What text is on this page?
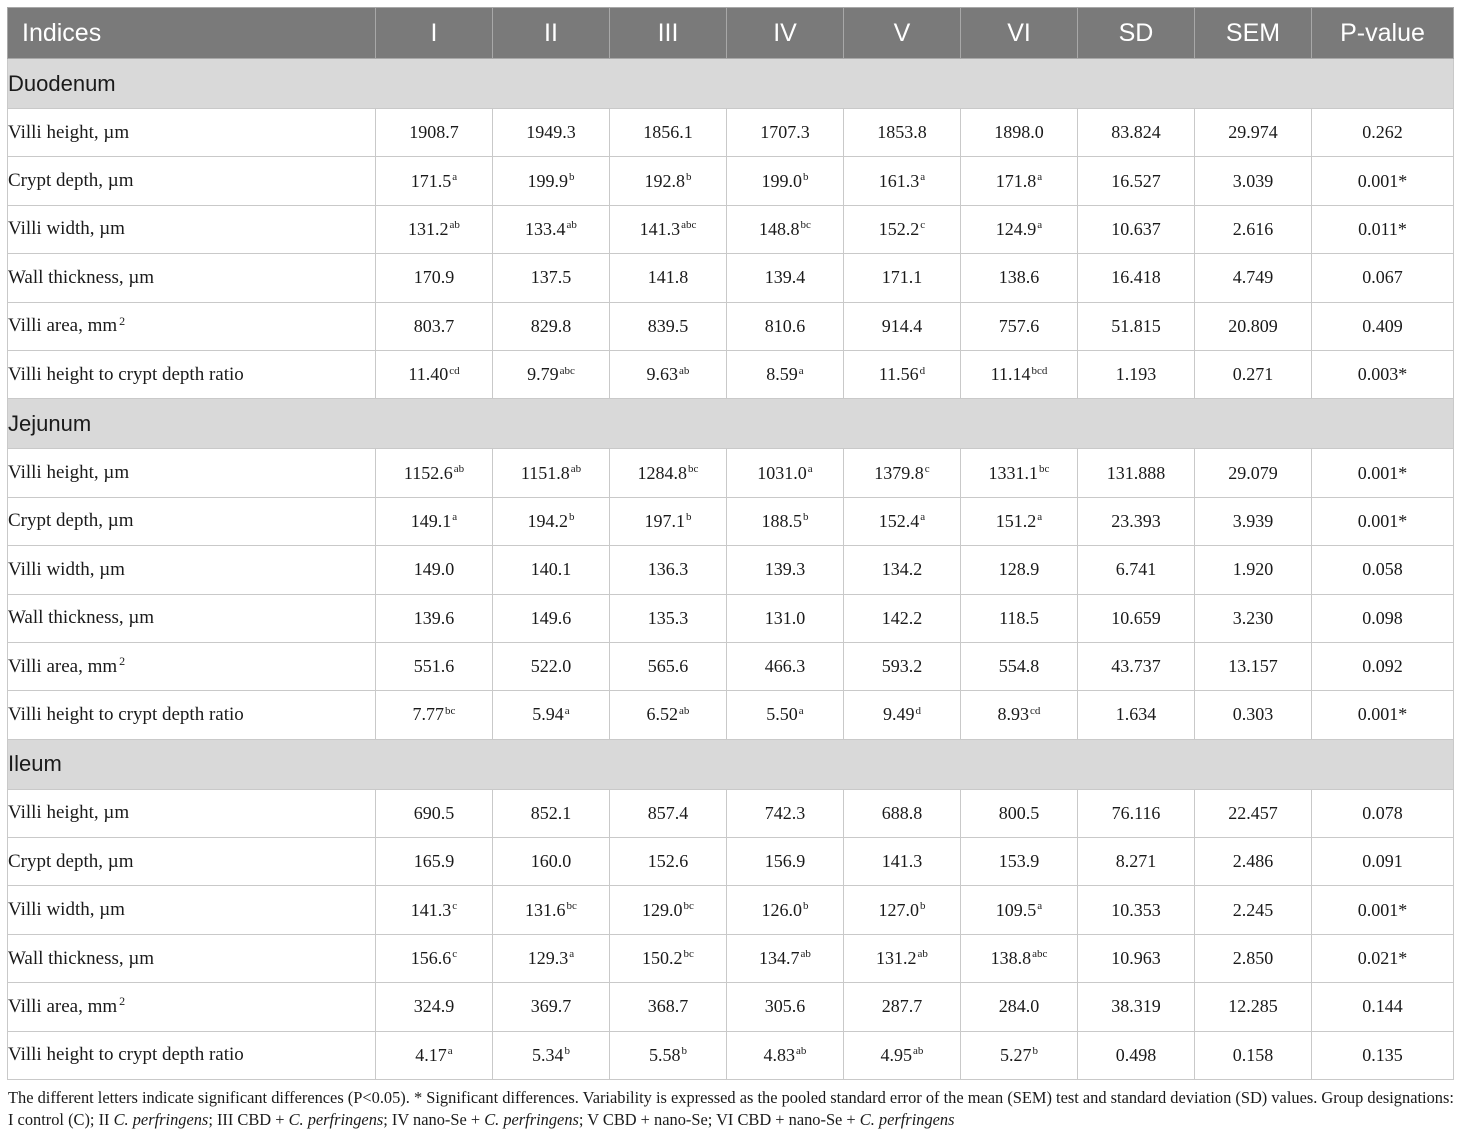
Indices	I	II	III	IV	V	VI	SD	SEM	P-value
Duodenum									
Villi height, µm	1908.7	1949.3	1856.1	1707.3	1853.8	1898.0	83.824	29.974	0.262
Crypt depth, µm	171.5$^a$	199.9$^b$	192.8$^b$	199.0$^b$	161.3$^a$	171.8$^a$	16.527	3.039	0.001*
Villi width, µm	131.2$^{ab}$	133.4$^{ab}$	141.3$^{abc}$	148.8$^{bc}$	152.2$^c$	124.9$^a$	10.637	2.616	0.011*
Wall thickness, µm	170.9	137.5	141.8	139.4	171.1	138.6	16.418	4.749	0.067
Villi area, mm $^2$	803.7	829.8	839.5	810.6	914.4	757.6	51.815	20.809	0.409
Villi height to crypt depth ratio	11.40$^{cd}$	9.79$^{abc}$	9.63$^{ab}$	8.59$^a$	11.56$^d$	11.14$^{bcd}$	1.193	0.271	0.003*
Jejunum									
Villi height, µm	1152.6$^{ab}$	1151.8$^{ab}$	1284.8$^{bc}$	1031.0$^a$	1379.8$^c$	1331.1$^{bc}$	131.888	29.079	0.001*
Crypt depth, µm	149.1$^a$	194.2$^b$	197.1$^b$	188.5$^b$	152.4$^a$	151.2$^a$	23.393	3.939	0.001*
Villi width, µm	149.0	140.1	136.3	139.3	134.2	128.9	6.741	1.920	0.058
Wall thickness, µm	139.6	149.6	135.3	131.0	142.2	118.5	10.659	3.230	0.098
Villi area, mm $^2$	551.6	522.0	565.6	466.3	593.2	554.8	43.737	13.157	0.092
Villi height to crypt depth ratio	7.77$^{bc}$	5.94$^a$	6.52$^{ab}$	5.50$^a$	9.49$^d$	8.93$^{cd}$	1.634	0.303	0.001*
Ileum									
Villi height, µm	690.5	852.1	857.4	742.3	688.8	800.5	76.116	22.457	0.078
Crypt depth, µm	165.9	160.0	152.6	156.9	141.3	153.9	8.271	2.486	0.091
Villi width, µm	141.3$^c$	131.6$^{bc}$	129.0$^{bc}$	126.0$^b$	127.0$^b$	109.5$^a$	10.353	2.245	0.001*
Wall thickness, µm	156.6$^c$	129.3$^a$	150.2$^{bc}$	134.7$^{ab}$	131.2$^{ab}$	138.8$^{abc}$	10.963	2.850	0.021*
Villi area, mm $^2$	324.9	369.7	368.7	305.6	287.7	284.0	38.319	12.285	0.144
Villi height to crypt depth ratio	4.17$^a$	5.34$^b$	5.58$^b$	4.83$^{ab}$	4.95$^{ab}$	5.27$^b$	0.498	0.158	0.135
The different letters indicate significant differences (P<0.05). * Significant differences. Variability is expressed as the pooled standard error of the mean (SEM) test and standard deviation (SD) values. Group designations: I control (C); II C. perfringens; III CBD + C. perfringens; IV nano-Se + C. perfringens; V CBD + nano-Se; VI CBD + nano-Se + C. perfringens
